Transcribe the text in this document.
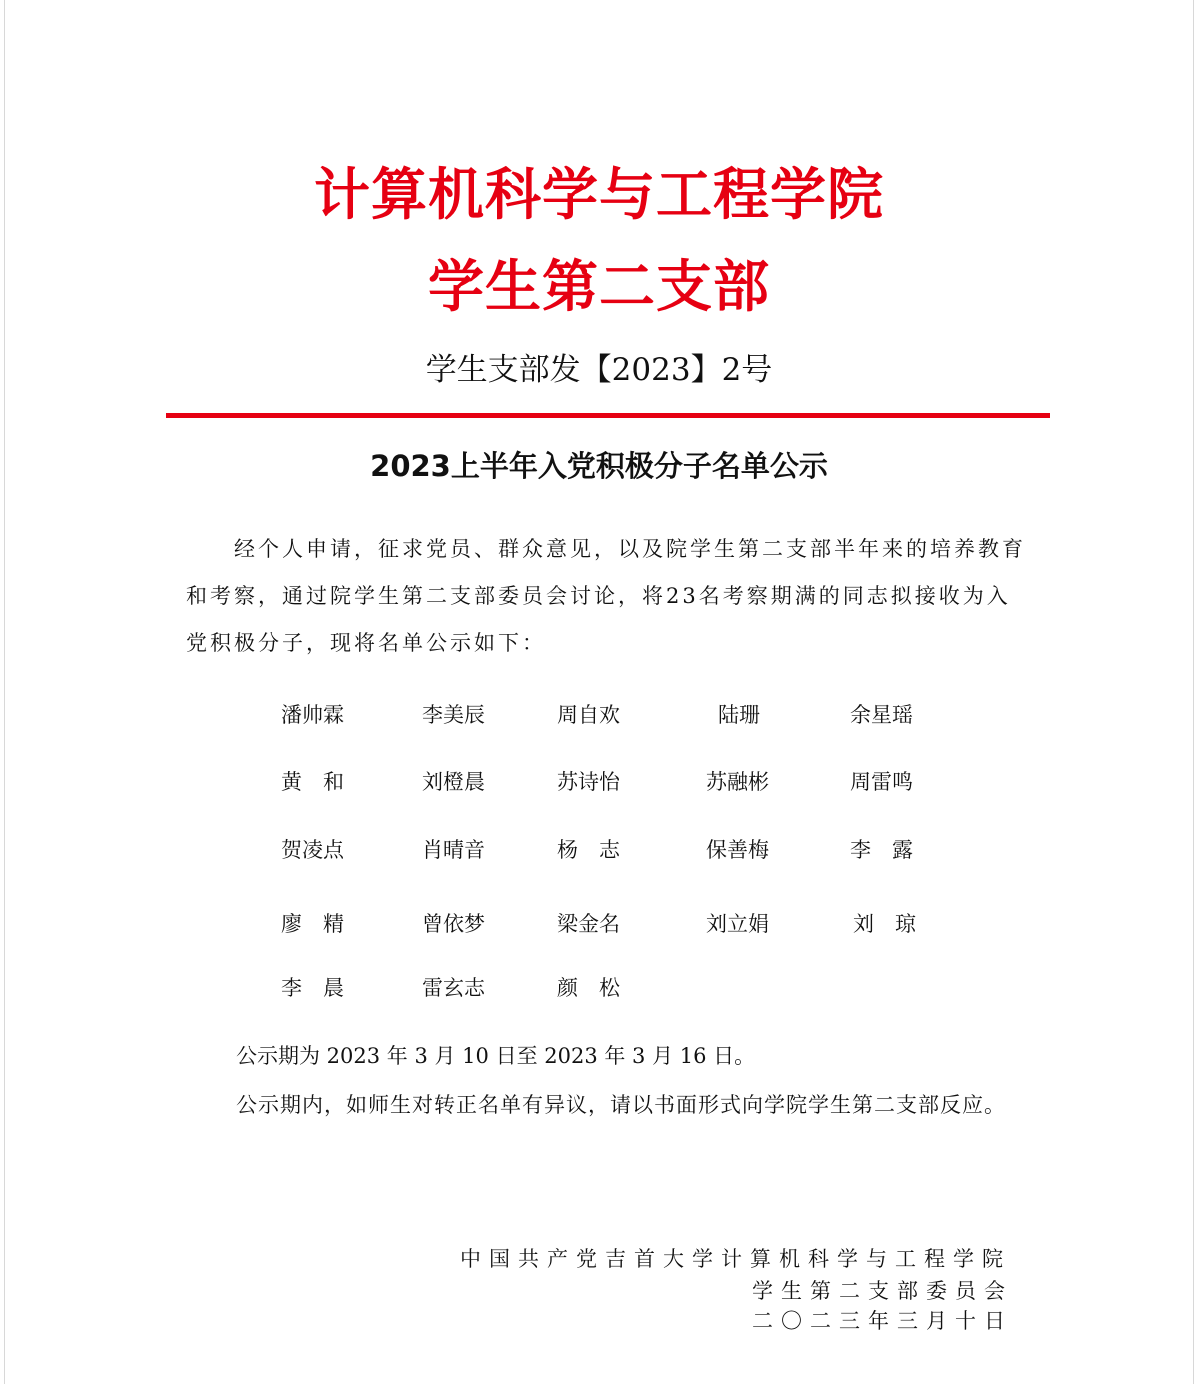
计算机科学与工程学院
学生第二支部
学生支部发【2023】2号
2023上半年入党积极分子名单公示

经个人申请，征求党员、群众意见，以及院学生第二支部半年来的培养教育和考察，通过院学生第二支部委员会讨论，将23名考察期满的同志拟接收为入党积极分子，现将名单公示如下：

潘帅霖	李美辰	周自欢	陆珊	余星瑶
黄　和	刘橙晨	苏诗怡	苏融彬	周雷鸣
贺凌点	肖晴音	杨　志	保善梅	李　露
廖　精	曾依梦	梁金名	刘立娟	刘　琼
李　晨	雷玄志	颜　松
公示期为 2023 年 3 月 10 日至 2023 年 3 月 16 日。
公示期内，如师生对转正名单有异议，请以书面形式向学院学生第二支部反应。
中国共产党吉首大学计算机科学与工程学院
学生第二支部委员会
二〇二三年三月十日
